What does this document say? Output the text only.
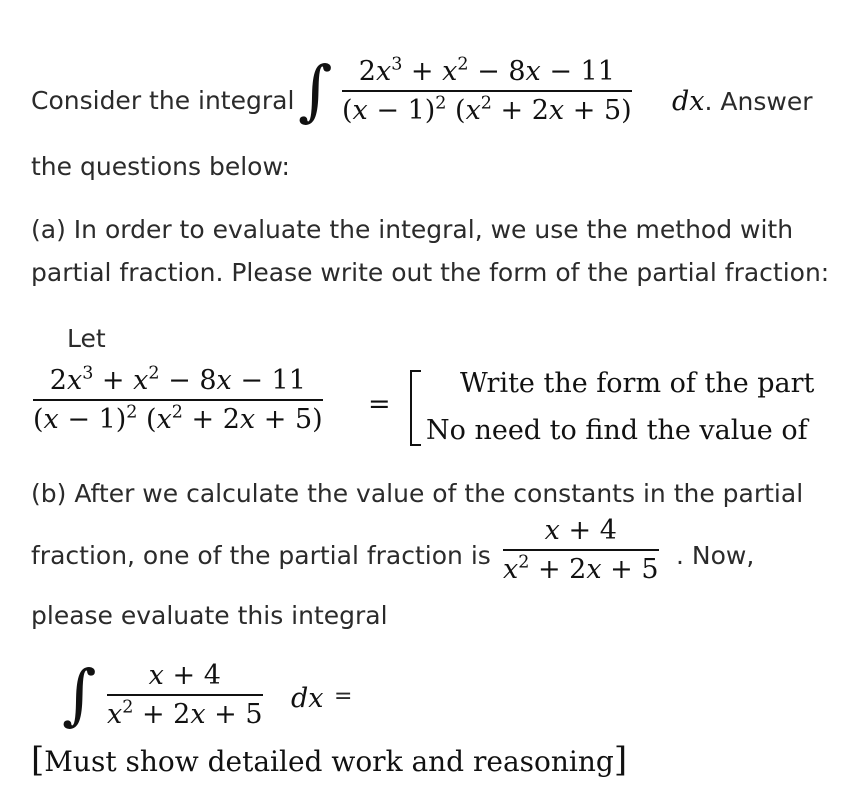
Consider the integral ∫ $2x^3 + x^2 - 8x - 11$
$(x - 1)^2$ $(x^2 + 2x + 5)$ dx. Answer
the questions below:
(a) In order to evaluate the integral, we use the method with
partial fraction. Please write out the form of the partial fraction:
Let
$2x^3 + x^2 - 8x - 11$
$(x - 1)^2$ $(x^2 + 2x + 5)$ =
Write the form of the part
No need to find the value of
(b) After we calculate the value of the constants in the partial
fraction, one of the partial fraction is
x + 4
$x^2 + 2x + 5$ . Now,
please evaluate this integral
∫ x + 4
$x^2 + 2x + 5$
dx =
[Must show detailed work and reasoning]
